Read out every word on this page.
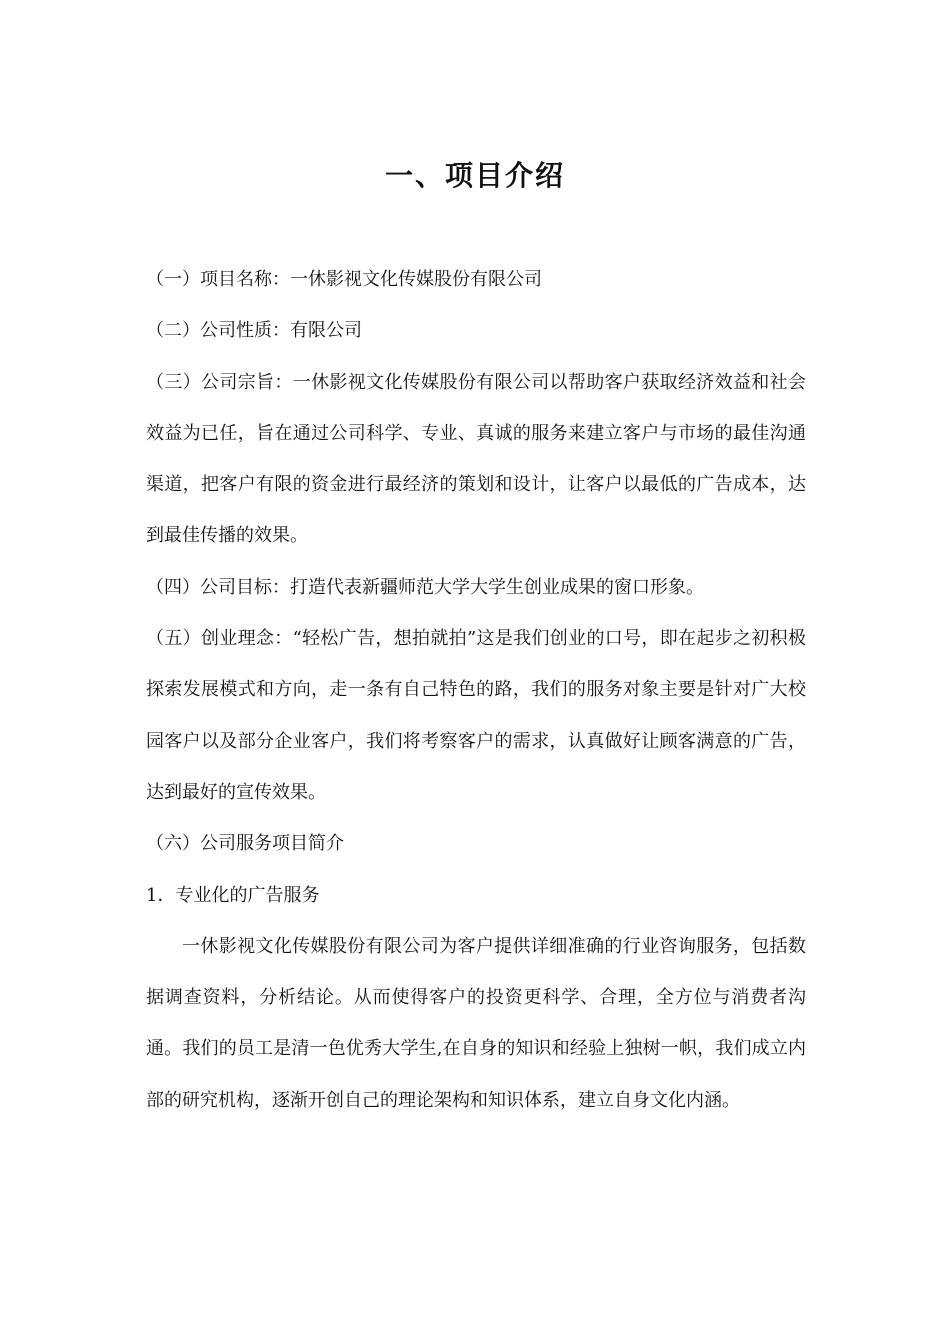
一、项目介绍

（一）项目名称：一休影视文化传媒股份有限公司

（二）公司性质：有限公司

（三）公司宗旨：一休影视文化传媒股份有限公司以帮助客户获取经济效益和社会效益为已任，旨在通过公司科学、专业、真诚的服务来建立客户与市场的最佳沟通渠道，把客户有限的资金进行最经济的策划和设计，让客户以最低的广告成本，达到最佳传播的效果。

（四）公司目标：打造代表新疆师范大学大学生创业成果的窗口形象。

（五）创业理念：“轻松广告，想拍就拍”这是我们创业的口号，即在起步之初积极探索发展模式和方向，走一条有自己特色的路，我们的服务对象主要是针对广大校园客户以及部分企业客户，我们将考察客户的需求，认真做好让顾客满意的广告，达到最好的宣传效果。

（六）公司服务项目简介

1．专业化的广告服务

一休影视文化传媒股份有限公司为客户提供详细准确的行业咨询服务，包括数据调查资料，分析结论。从而使得客户的投资更科学、合理，全方位与消费者沟通。我们的员工是清一色优秀大学生,在自身的知识和经验上独树一帜，我们成立内部的研究机构，逐渐开创自己的理论架构和知识体系，建立自身文化内涵。
